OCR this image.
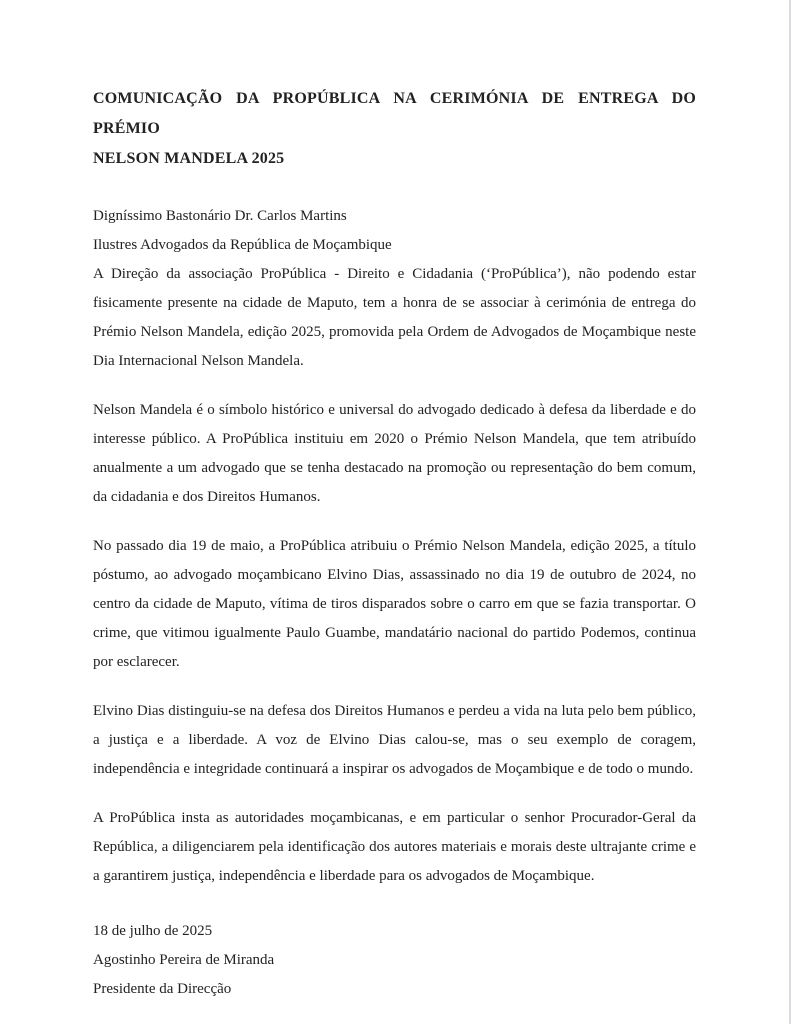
COMUNICAÇÃO DA PROPÚBLICA NA CERIMÓNIA DE ENTREGA DO PRÉMIO
NELSON MANDELA 2025
Digníssimo Bastonário Dr. Carlos Martins
Ilustres Advogados da República de Moçambique
A Direção da associação ProPública - Direito e Cidadania (‘ProPública’), não podendo estar fisicamente presente na cidade de Maputo, tem a honra de se associar à cerimónia de entrega do Prémio Nelson Mandela, edição 2025, promovida pela Ordem de Advogados de Moçambique neste Dia Internacional Nelson Mandela.
Nelson Mandela é o símbolo histórico e universal do advogado dedicado à defesa da liberdade e do interesse público. A ProPública instituiu em 2020 o Prémio Nelson Mandela, que tem atribuído anualmente a um advogado que se tenha destacado na promoção ou representação do bem comum, da cidadania e dos Direitos Humanos.
No passado dia 19 de maio, a ProPública atribuiu o Prémio Nelson Mandela, edição 2025, a título póstumo, ao advogado moçambicano Elvino Dias, assassinado no dia 19 de outubro de 2024, no centro da cidade de Maputo, vítima de tiros disparados sobre o carro em que se fazia transportar. O crime, que vitimou igualmente Paulo Guambe, mandatário nacional do partido Podemos, continua por esclarecer.
Elvino Dias distinguiu-se na defesa dos Direitos Humanos e perdeu a vida na luta pelo bem público, a justiça e a liberdade. A voz de Elvino Dias calou-se, mas o seu exemplo de coragem, independência e integridade continuará a inspirar os advogados de Moçambique e de todo o mundo.
A ProPública insta as autoridades moçambicanas, e em particular o senhor Procurador-Geral da República, a diligenciarem pela identificação dos autores materiais e morais deste ultrajante crime e a garantirem justiça, independência e liberdade para os advogados de Moçambique.
18 de julho de 2025
Agostinho Pereira de Miranda
Presidente da Direcção
